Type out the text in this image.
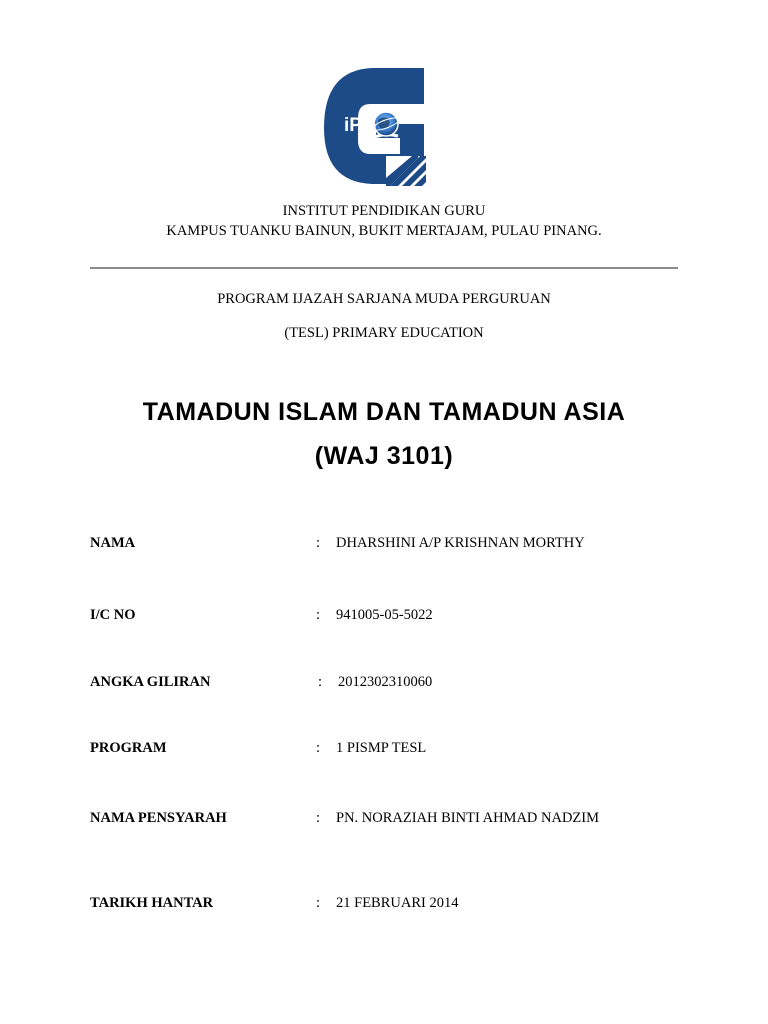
iPG
INSTITUT PENDIDIKAN GURU
KAMPUS TUANKU BAINUN, BUKIT MERTAJAM, PULAU PINANG.
PROGRAM IJAZAH SARJANA MUDA PERGURUAN
(TESL) PRIMARY EDUCATION
TAMADUN ISLAM DAN TAMADUN ASIA
(WAJ 3101)
NAMA	: DHARSHINI A/P KRISHNAN MORTHY
I/C NO	: 941005-05-5022
ANGKA GILIRAN	: 2012302310060
PROGRAM	: 1 PISMP TESL
NAMA PENSYARAH	: PN. NORAZIAH BINTI AHMAD NADZIM
TARIKH HANTAR	: 21 FEBRUARI 2014
